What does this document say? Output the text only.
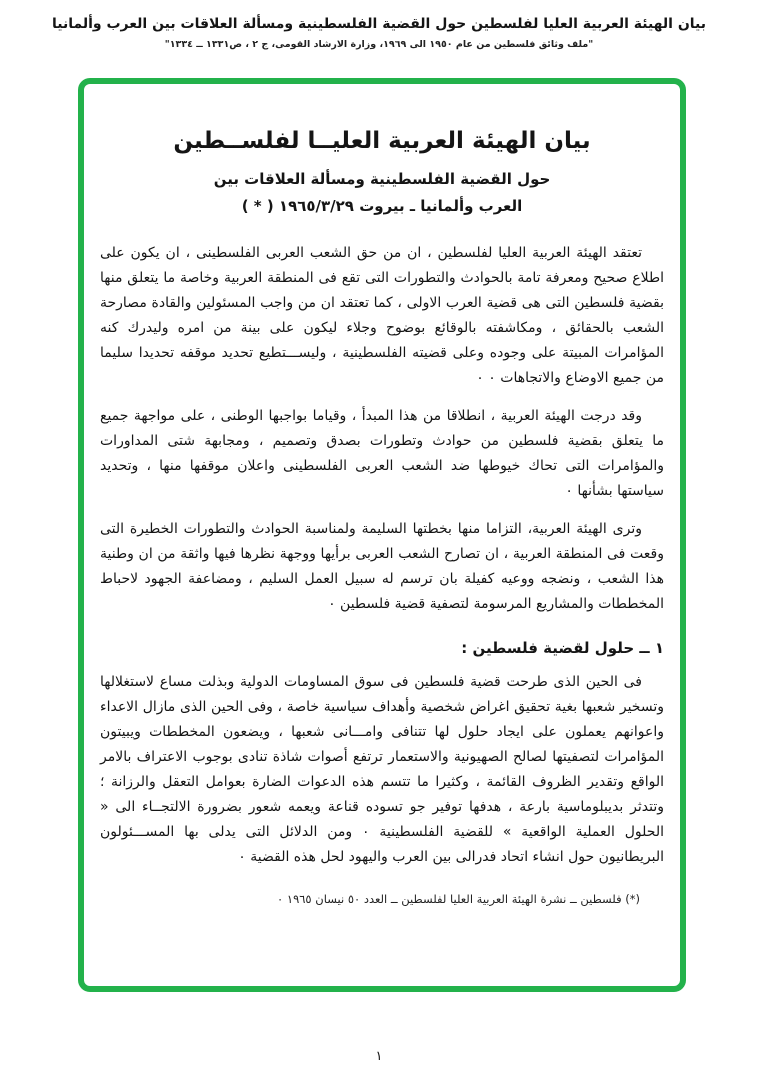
بيان الهيئة العربية العليا لفلسطين حول القضية الفلسطينية ومسألة العلاقات بين العرب وألمانيا
"ملف وثائق فلسطين من عام ١٩٥٠ الى ١٩٦٩، وزارة الارشاد القومى، ج ٢ ، ص١٣٣١ ــ ١٣٣٤"
بيان الهيئة العربية العليــا لفلســطين
حول القضية الفلسطينية ومسألة العلاقات بين
العرب وألمانيا ـ بيروت ١٩٦٥/٣/٢٩ ( * )

تعتقد الهيئة العربية العليا لفلسطين ، ان من حق الشعب العربى الفلسطينى ، ان يكون على اطلاع صحيح ومعرفة تامة بالحوادث والتطورات التى تقع فى المنطقة العربية وخاصة ما يتعلق منها بقضية فلسطين التى هى قضية العرب الاولى ، كما تعتقد ان من واجب المسئولين والقادة مصارحة الشعب بالحقائق ، ومكاشفته بالوقائع بوضوح وجلاء ليكون على بينة من امره وليدرك كنه المؤامرات المبيتة على وجوده وعلى قضيته الفلسطينية ، وليســـتطيع تحديد موقفه تحديدا سليما من جميع الاوضاع والاتجاهات ٠ ٠

وقد درجت الهيئة العربية ، انطلاقا من هذا المبدأ ، وقياما بواجبها الوطنى ، على مواجهة جميع ما يتعلق بقضية فلسطين من حوادث وتطورات بصدق وتصميم ، ومجابهة شتى المداورات والمؤامرات التى تحاك خيوطها ضد الشعب العربى الفلسطينى واعلان موقفها منها ، وتحديد سياستها بشأنها ٠

وترى الهيئة العربية، التزاما منها بخطتها السليمة ولمناسبة الحوادث والتطورات الخطيرة التى وقعت فى المنطقة العربية ، ان تصارح الشعب العربى برأيها ووجهة نظرها فيها واثقة من ان وطنية هذا الشعب ، ونضجه ووعيه كفيلة بان ترسم له سبيل العمل السليم ، ومضاعفة الجهود لاحباط المخططات والمشاريع المرسومة لتصفية قضية فلسطين ٠

١ ــ حلول لقضية فلسطين :

فى الحين الذى طرحت قضية فلسطين فى سوق المساومات الدولية وبذلت مساع لاستغلالها وتسخير شعبها بغية تحقيق اغراض شخصية وأهداف سياسية خاصة ، وفى الحين الذى مازال الاعداء واعوانهم يعملون على ايجاد حلول لها تتنافى وامـــانى شعبها ، ويضعون المخططات ويبيتون المؤامرات لتصفيتها لصالح الصهيونية والاستعمار ترتفع أصوات شاذة تنادى بوجوب الاعتراف بالامر الواقع وتقدير الظروف القائمة ، وكثيرا ما تتسم هذه الدعوات الضارة بعوامل التعقل والرزانة ؛ وتتدثر بديبلوماسية بارعة ، هدفها توفير جو تسوده قناعة ويعمه شعور بضرورة الالتجــاء الى « الحلول العملية الواقعية » للقضية الفلسطينية ٠ ومن الدلائل التى يدلى بها المســـئولون البريطانيون حول انشاء اتحاد فدرالى بين العرب واليهود لحل هذه القضية ٠

(*) فلسطين ــ نشرة الهيئة العربية العليا لفلسطين ــ العدد ٥٠ نيسان ١٩٦٥ ٠
١
